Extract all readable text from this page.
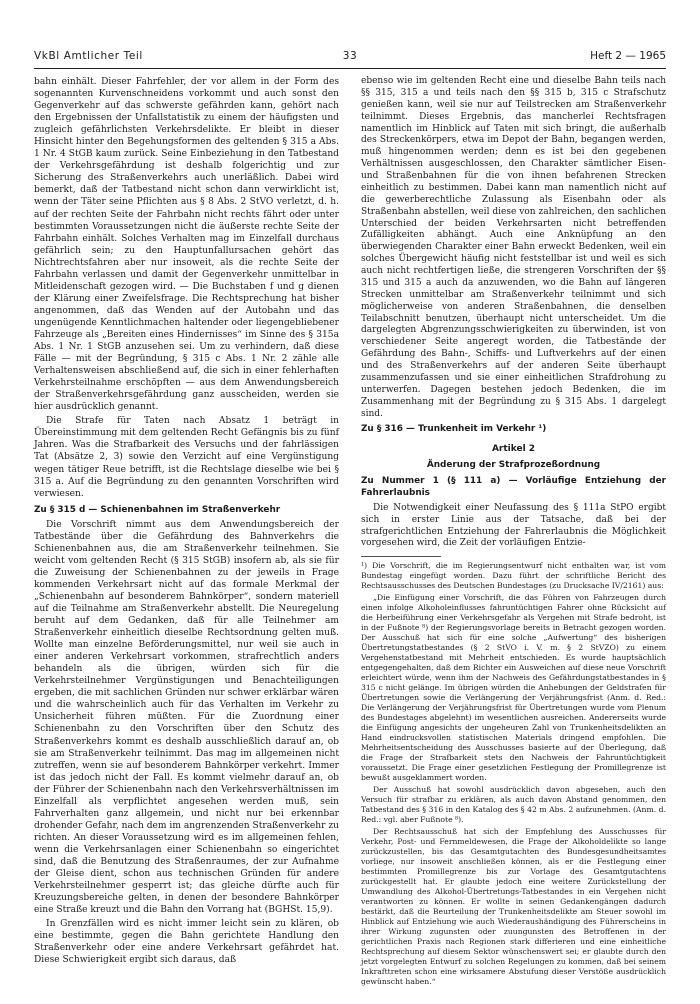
VkBl Amtlicher Teil	33	Heft 2 — 1965

bahn einhält. Dieser Fahrfehler, der vor allem in der Form des sogenannten Kurvenschneidens vorkommt und auch sonst den Gegenverkehr auf das schwerste gefährden kann, gehört nach den Ergebnissen der Unfallstatistik zu einem der häufigsten und zugleich gefährlichsten Verkehrsdelikte. Er bleibt in dieser Hinsicht hinter den Begehungsformen des geltenden § 315 a Abs. 1 Nr. 4 StGB kaum zurück. Seine Einbeziehung in den Tatbestand der Verkehrsgefährdung ist deshalb folgerichtig und zur Sicherung des Straßenverkehrs auch unerläßlich. Dabei wird bemerkt, daß der Tatbestand nicht schon dann verwirklicht ist, wenn der Täter seine Pflichten aus § 8 Abs. 2 StVO verletzt, d. h. auf der rechten Seite der Fahrbahn nicht rechts fährt oder unter bestimmten Voraussetzungen nicht die äußerste rechte Seite der Fahrbahn einhält. Solches Verhalten mag im Einzelfall durchaus gefährlich sein; zu den Hauptunfallursachen gehört das Nichtrechtsfahren aber nur insoweit, als die rechte Seite der Fahrbahn verlassen und damit der Gegenverkehr unmittelbar in Mitleidenschaft gezogen wird. — Die Buchstaben f und g dienen der Klärung einer Zweifelsfrage. Die Rechtsprechung hat bisher angenommen, daß das Wenden auf der Autobahn und das ungenügende Kenntlichmachen haltender oder liegengebliebener Fahrzeuge als „Bereiten eines Hindernisses“ im Sinne des § 315a Abs. 1 Nr. 1 StGB anzusehen sei. Um zu verhindern, daß diese Fälle — mit der Begründung, § 315 c Abs. 1 Nr. 2 zähle alle Verhaltensweisen abschließend auf, die sich in einer fehlerhaften Verkehrsteilnahme erschöpften — aus dem Anwendungsbereich der Straßenverkehrsgefährdung ganz ausscheiden, werden sie hier ausdrücklich genannt.

Die Strafe für Taten nach Absatz 1 beträgt in Übereinstimmung mit dem geltenden Recht Gefängnis bis zu fünf Jahren. Was die Strafbarkeit des Versuchs und der fahrlässigen Tat (Absätze 2, 3) sowie den Verzicht auf eine Vergünstigung wegen tätiger Reue betrifft, ist die Rechtslage dieselbe wie bei § 315 a. Auf die Begründung zu den genannten Vorschriften wird verwiesen.

Zu § 315 d — Schienenbahnen im Straßenverkehr

Die Vorschrift nimmt aus dem Anwendungsbereich der Tatbestände über die Gefährdung des Bahnverkehrs die Schienenbahnen aus, die am Straßenverkehr teilnehmen. Sie weicht vom geltenden Recht (§ 315 StGB) insofern ab, als sie für die Zuweisung der Schienenbahnen zu der jeweils in Frage kommenden Verkehrsart nicht auf das formale Merkmal der „Schienenbahn auf besonderem Bahnkörper“, sondern materiell auf die Teilnahme am Straßenverkehr abstellt. Die Neuregelung beruht auf dem Gedanken, daß für alle Teilnehmer am Straßenverkehr einheitlich dieselbe Rechtsordnung gelten muß. Wollte man einzelne Beförderungsmittel, nur weil sie auch in einer anderen Verkehrsart vorkommen, strafrechtlich anders behandeln als die übrigen, würden sich für die Verkehrsteilnehmer Vergünstigungen und Benachteiligungen ergeben, die mit sachlichen Gründen nur schwer erklärbar wären und die wahrscheinlich auch für das Verhalten im Verkehr zu Unsicherheit führen müßten. Für die Zuordnung einer Schienenbahn zu den Vorschriften über den Schutz des Straßenverkehrs kommt es deshalb ausschließlich darauf an, ob sie am Straßenverkehr teilnimmt. Das mag im allgemeinen nicht zutreffen, wenn sie auf besonderem Bahnkörper verkehrt. Immer ist das jedoch nicht der Fall. Es kommt vielmehr darauf an, ob der Führer der Schienenbahn nach den Verkehrsverhältnissen im Einzelfall als verpflichtet angesehen werden muß, sein Fahrverhalten ganz allgemein, und nicht nur bei erkennbar drohender Gefahr, nach dem im angrenzenden Straßenverkehr zu richten. An dieser Voraussetzung wird es im allgemeinen fehlen, wenn die Verkehrsanlagen einer Schienenbahn so eingerichtet sind, daß die Benutzung des Straßenraumes, der zur Aufnahme der Gleise dient, schon aus technischen Gründen für andere Verkehrsteilnehmer gesperrt ist; das gleiche dürfte auch für Kreuzungsbereiche gelten, in denen der besondere Bahnkörper eine Straße kreuzt und die Bahn den Vorrang hat (BGHSt. 15,9).

In Grenzfällen wird es nicht immer leicht sein zu klären, ob eine bestimmte, gegen die Bahn gerichtete Handlung den Straßenverkehr oder eine andere Verkehrsart gefährdet hat. Diese Schwierigkeit ergibt sich daraus, daß

ebenso wie im geltenden Recht eine und dieselbe Bahn teils nach §§ 315, 315 a und teils nach den §§ 315 b, 315 c Strafschutz genießen kann, weil sie nur auf Teilstrecken am Straßenverkehr teilnimmt. Dieses Ergebnis, das mancherlei Rechtsfragen namentlich im Hinblick auf Taten mit sich bringt, die außerhalb des Streckenkörpers, etwa im Depot der Bahn, begangen werden, muß hingenommen werden; denn es ist bei den gegebenen Verhältnissen ausgeschlossen, den Charakter sämtlicher Eisen- und Straßenbahnen für die von ihnen befahrenen Strecken einheitlich zu bestimmen. Dabei kann man namentlich nicht auf die gewerberechtliche Zulassung als Eisenbahn oder als Straßenbahn abstellen, weil diese von zahlreichen, den sachlichen Unterschied der beiden Verkehrsarten nicht betreffenden Zufälligkeiten abhängt. Auch eine Anknüpfung an den überwiegenden Charakter einer Bahn erweckt Bedenken, weil ein solches Übergewicht häufig nicht feststellbar ist und weil es sich auch nicht rechtfertigen ließe, die strengeren Vorschriften der §§ 315 und 315 a auch da anzuwenden, wo die Bahn auf längeren Strecken unmittelbar am Straßenverkehr teilnimmt und sich möglicherweise von anderen Straßenbahnen, die denselben Teilabschnitt benutzen, überhaupt nicht unterscheidet. Um die dargelegten Abgrenzungsschwierigkeiten zu überwinden, ist von verschiedener Seite angeregt worden, die Tatbestände der Gefährdung des Bahn-, Schiffs- und Luftverkehrs auf der einen und des Straßenverkehrs auf der anderen Seite überhaupt zusammenzufassen und sie einer einheitlichen Strafdrohung zu unterwerfen. Dagegen bestehen jedoch Bedenken, die im Zusammenhang mit der Begründung zu § 315 Abs. 1 dargelegt sind.

Zu § 316 — Trunkenheit im Verkehr ¹)

Artikel 2

Änderung der Strafprozeßordnung

Zu Nummer 1 (§ 111 a) — Vorläufige Entziehung der Fahrerlaubnis

Die Notwendigkeit einer Neufassung des § 111a StPO ergibt sich in erster Linie aus der Tatsache, daß bei der strafgerichtlichen Entziehung der Fahrerlaubnis die Möglichkeit vorgesehen wird, die Zeit der vorläufigen Entzie-

¹) Die Vorschrift, die im Regierungsentwurf nicht enthalten war, ist vom Bundestag eingefügt worden. Dazu führt der schriftliche Bericht des Rechtsausschusses des Deutschen Bundestages (zu Drucksache IV/2161) aus:

„Die Einfügung einer Vorschrift, die das Führen von Fahrzeugen durch einen infolge Alkoholeinflusses fahruntüchtigen Fahrer ohne Rücksicht auf die Herbeiführung einer Verkehrsgefahr als Vergehen mit Strafe bedroht, ist in der Fußnote ⁸) der Regierungsvorlage bereits in Betracht gezogen worden. Der Ausschuß hat sich für eine solche „Aufwertung“ des bisherigen Übertretungstatbestandes (§ 2 StVO i. V. m. § 2 StVZO) zu einem Vergehenstatbestand mit Mehrheit entschieden. Es wurde hauptsächlich entgegengehalten, daß dem Richter ein Ausweichen auf diese neue Vorschrift erleichtert würde, wenn ihm der Nachweis des Gefährdungstatbestandes in § 315 c nicht gelänge. Im übrigen würden die Anhebungen der Geldstrafen für Übertretungen sowie die Verlängerung der Verjährungsfrist (Anm. d. Red.: Die Verlängerung der Verjährungsfrist für Übertretungen wurde vom Plenum des Bundestages abgelehnt) im wesentlichen ausreichen. Andererseits wurde die Einfügung angesichts der ungeheuren Zahl von Trunkenheitsdelikten an Hand eindrucksvollen statistischen Materials dringend empfohlen. Die Mehrheitsentscheidung des Ausschusses basierte auf der Überlegung, daß die Frage der Strafbarkeit stets den Nachweis der Fahruntüchtigkeit voraussetzt. Die Frage einer gesetzlichen Festlegung der Promillegrenze ist bewußt ausgeklammert worden.

Der Ausschuß hat sowohl ausdrücklich davon abgesehen, auch den Versuch für strafbar zu erklären, als auch davon Abstand genommen, den Tatbestand des § 316 in den Katalog des § 42 m Abs. 2 aufzunehmen. (Anm. d. Red.: vgl. aber Fußnote ⁸).

Der Rechtsausschuß hat sich der Empfehlung des Ausschusses für Verkehr, Post- und Fernmeldewesen, die Frage der Alkoholdelikte so lange zurückzustellen, bis das Gesamtgutachten des Bundesgesundheitsamtes vorliege, nur insoweit anschließen können, als er die Festlegung einer bestimmten Promillegrenze bis zur Vorlage des Gesamtgutachtens zurückgestellt hat. Er glaubte jedoch eine weitere Zurückstellung der Umwandlung des Alkohol-Übertretungs-Tatbestandes in ein Vergehen nicht verantworten zu können. Er wollte in seinen Gedankengängen dadurch bestärkt, daß die Beurteilung der Trunkenheitsdelikte am Steuer sowohl im Hinblick auf Entziehung wie auch Wiederaushändigung des Führerscheins in ihrer Wirkung zugunsten oder zuungunsten des Betroffenen in der gerichtlichen Praxis nach Regionen stark differieren und eine einheitliche Rechtsprechung auf diesem Sektor wünschenswert sei; er glaubte durch den jetzt vorgelegten Entwurf zu solchen Regelungen zu kommen, daß bei seinem Inkrafttreten schon eine wirksamere Abstufung dieser Verstöße ausdrücklich gewünscht haben.“
